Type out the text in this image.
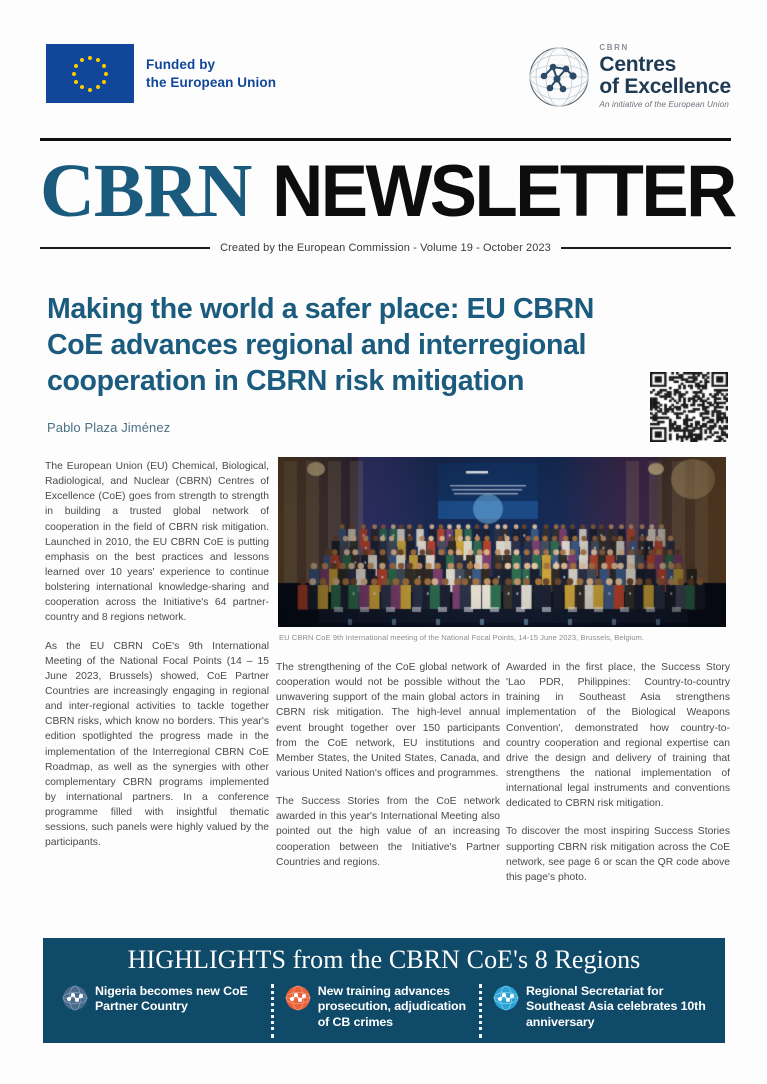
Funded by
the European Union
CBRN
Centres
of Excellence
An initiative of the European Union
CBRN NEWSLETTER
Created by the European Commission - Volume 19 - October 2023
Making the world a safer place: EU CBRN CoE advances regional and interregional cooperation in CBRN risk mitigation
Pablo Plaza Jiménez
EU CBRN CoE 9th International meeting of the National Focal Points, 14-15 June 2023, Brussels, Belgium.

The European Union (EU) Chemical, Biological, Radiological, and Nuclear (CBRN) Centres of Excellence (CoE) goes from strength to strength in building a trusted global network of cooperation in the field of CBRN risk mitigation. Launched in 2010, the EU CBRN CoE is putting emphasis on the best practices and lessons learned over 10 years' experience to continue bolstering international knowledge-sharing and cooperation across the Initiative's 64 partner-country and 8 regions network.

As the EU CBRN CoE's 9th International Meeting of the National Focal Points (14 – 15 June 2023, Brussels) showed, CoE Partner Countries are increasingly engaging in regional and inter-regional activities to tackle together CBRN risks, which know no borders. This year's edition spotlighted the progress made in the implementation of the Interregional CBRN CoE Roadmap, as well as the synergies with other complementary CBRN programs implemented by international partners. In a conference programme filled with insightful thematic sessions, such panels were highly valued by the participants.

The strengthening of the CoE global network of cooperation would not be possible without the unwavering support of the main global actors in CBRN risk mitigation. The high-level annual event brought together over 150 participants from the CoE network, EU institutions and Member States, the United States, Canada, and various United Nation's offices and programmes.

The Success Stories from the CoE network awarded in this year's International Meeting also pointed out the high value of an increasing cooperation between the Initiative's Partner Countries and regions.

Awarded in the first place, the Success Story 'Lao PDR, Philippines: Country-to-country training in Southeast Asia strengthens implementation of the Biological Weapons Convention', demonstrated how country-to-country cooperation and regional expertise can drive the design and delivery of training that strengthens the national implementation of international legal instruments and conventions dedicated to CBRN risk mitigation.

To discover the most inspiring Success Stories supporting CBRN risk mitigation across the CoE network, see page 6 or scan the QR code above this page's photo.

HIGHLIGHTS from the CBRN CoE's 8 Regions
Nigeria becomes new CoE Partner Country
New training advances prosecution, adjudication of CB crimes
Regional Secretariat for Southeast Asia celebrates 10th anniversary
